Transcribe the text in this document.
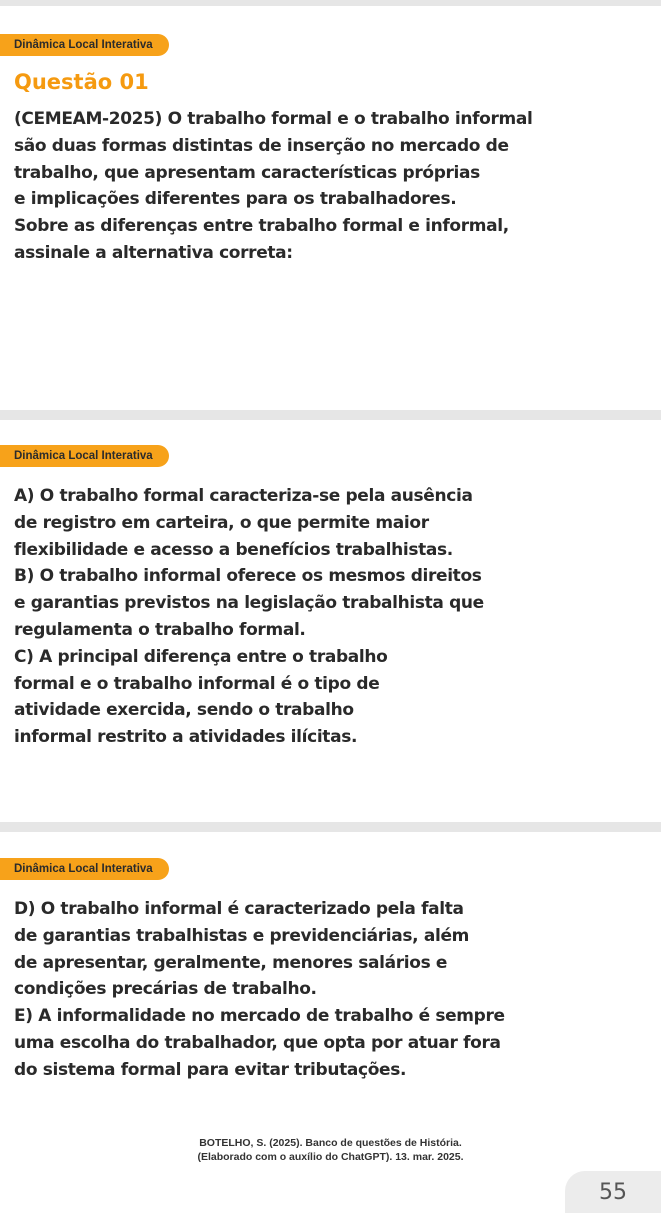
Dinâmica Local Interativa
Questão 01

(CEMEAM-2025) O trabalho formal e o trabalho informal

são duas formas distintas de inserção no mercado de

trabalho, que apresentam características próprias

e implicações diferentes para os trabalhadores.

Sobre as diferenças entre trabalho formal e informal,

assinale a alternativa correta:

Dinâmica Local Interativa

A) O trabalho formal caracteriza-se pela ausência

de registro em carteira, o que permite maior

flexibilidade e acesso a benefícios trabalhistas.

B) O trabalho informal oferece os mesmos direitos

e garantias previstos na legislação trabalhista que

regulamenta o trabalho formal.

C) A principal diferença entre o trabalho

formal e o trabalho informal é o tipo de

atividade exercida, sendo o trabalho

informal restrito a atividades ilícitas.

Dinâmica Local Interativa

D) O trabalho informal é caracterizado pela falta

de garantias trabalhistas e previdenciárias, além

de apresentar, geralmente, menores salários e

condições precárias de trabalho.

E) A informalidade no mercado de trabalho é sempre

uma escolha do trabalhador, que opta por atuar fora

do sistema formal para evitar tributações.

BOTELHO, S. (2025). Banco de questões de História.

(Elaborado com o auxílio do ChatGPT). 13. mar. 2025.

55
